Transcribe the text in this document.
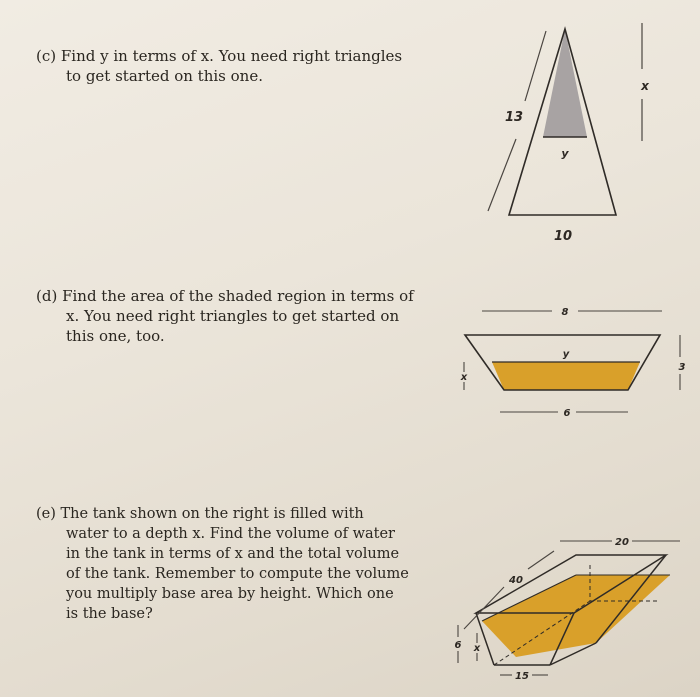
(c) Find y in terms of x. You need right triangles
to get started on this one.
(d) Find the area of the shaded region in terms of
x. You need right triangles to get started on
this one, too.
(e) The tank shown on the right is filled with
water to a depth x. Find the volume of water
in the tank in terms of x and the total volume
of the tank. Remember to compute the volume
you multiply base area by height. Which one
is the base?
13
y
10
x
8
y
6
3
x
40
20
15
6 x
